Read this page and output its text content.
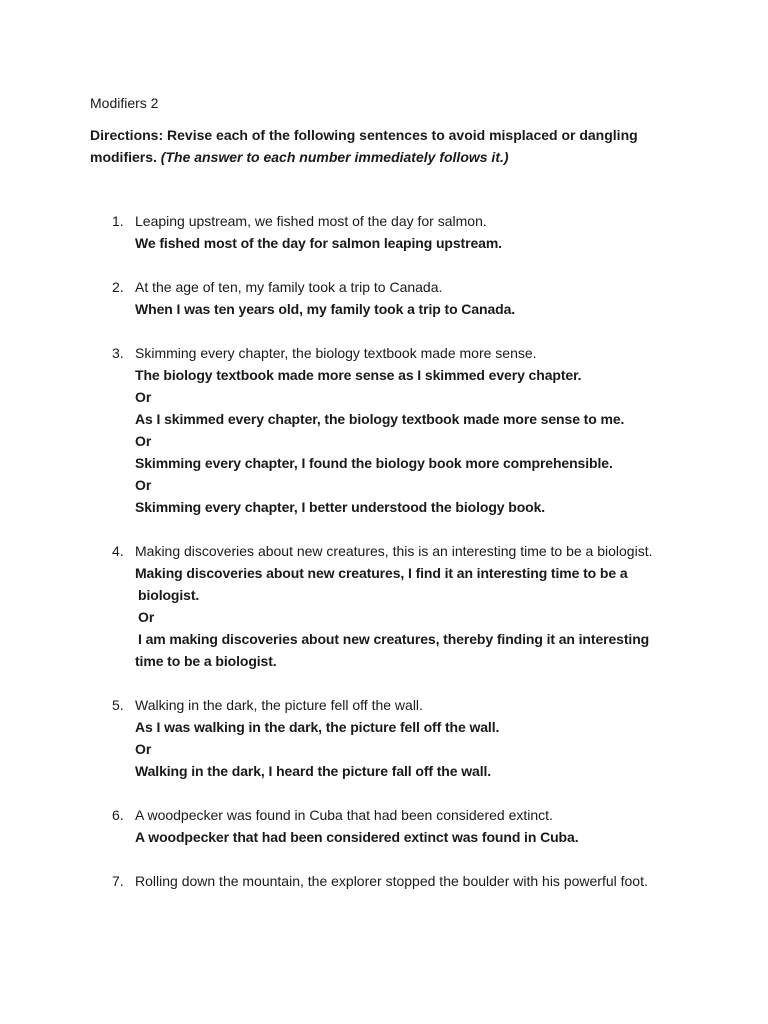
Modifiers 2
Directions: Revise each of the following sentences to avoid misplaced or dangling modifiers. (The answer to each number immediately follows it.)
1. Leaping upstream, we fished most of the day for salmon.
We fished most of the day for salmon leaping upstream.
2. At the age of ten, my family took a trip to Canada.
When I was ten years old, my family took a trip to Canada.
3. Skimming every chapter, the biology textbook made more sense.
The biology textbook made more sense as I skimmed every chapter.
Or
As I skimmed every chapter, the biology textbook made more sense to me.
Or
Skimming every chapter, I found the biology book more comprehensible.
Or
Skimming every chapter, I better understood the biology book.
4. Making discoveries about new creatures, this is an interesting time to be a biologist.
Making discoveries about new creatures, I find it an interesting time to be a
biologist.
Or
I am making discoveries about new creatures, thereby finding it an interesting
time to be a biologist.
5. Walking in the dark, the picture fell off the wall.
As I was walking in the dark, the picture fell off the wall.
Or
Walking in the dark, I heard the picture fall off the wall.
6. A woodpecker was found in Cuba that had been considered extinct.
A woodpecker that had been considered extinct was found in Cuba.
7. Rolling down the mountain, the explorer stopped the boulder with his powerful foot.
